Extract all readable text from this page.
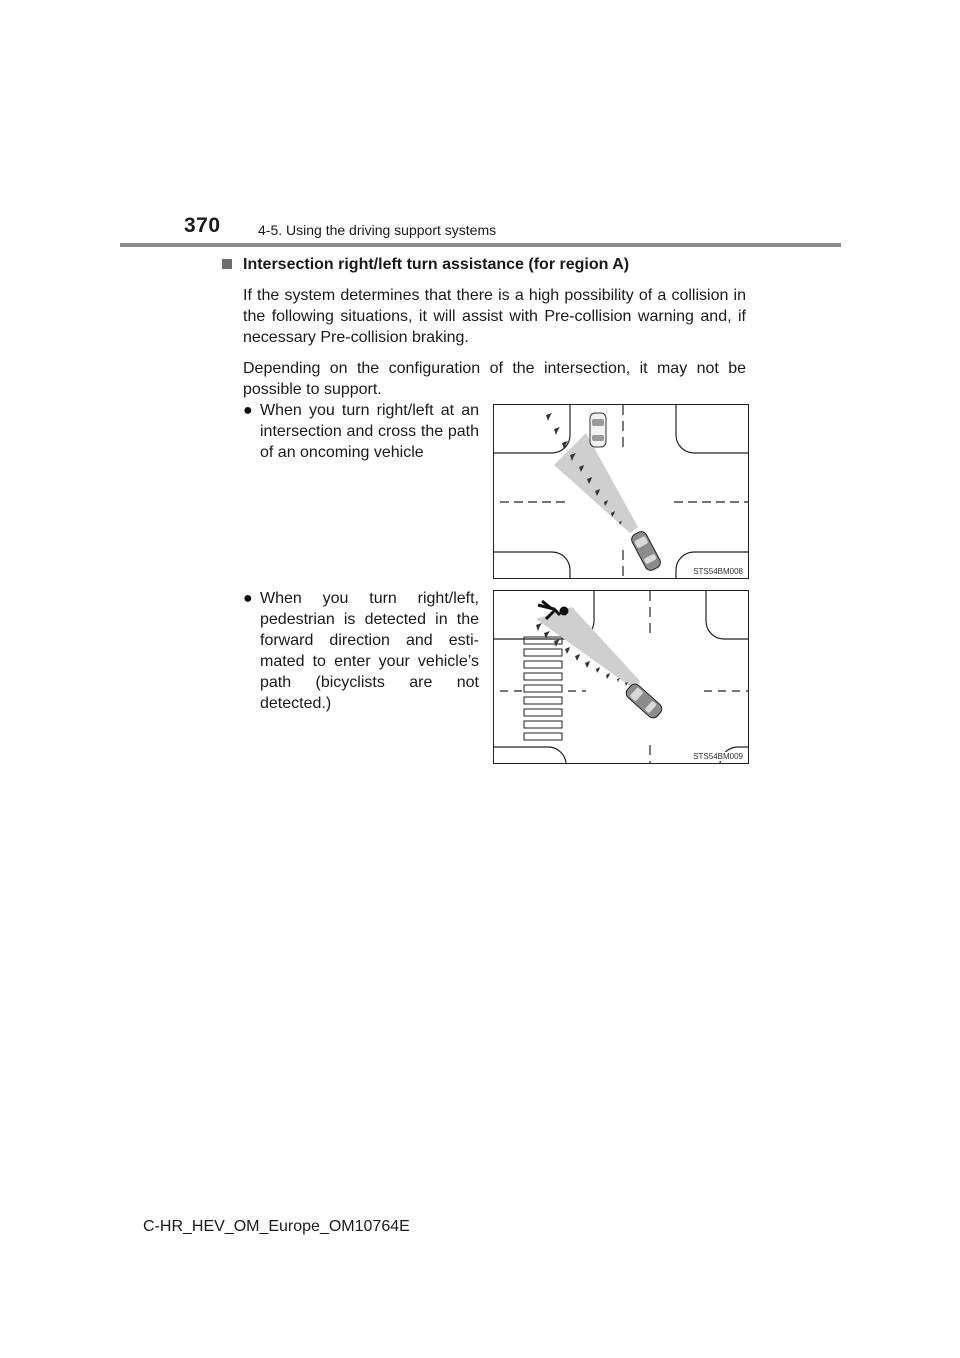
370	4-5. Using the driving support systems
Intersection right/left turn assistance (for region A)
If the system determines that there is a high possibility of a collision in the following situations, it will assist with Pre-collision warning and, if necessary Pre-collision braking.
Depending on the configuration of the intersection, it may not be possible to support.
● When you turn right/left at an intersection and cross the path of an oncoming vehicle
STS54BM008
● When you turn right/left, pedestrian is detected in the forward direction and esti-mated to enter your vehicle’s path (bicyclists are not detected.)
STS54BM009
C-HR_HEV_OM_Europe_OM10764E
